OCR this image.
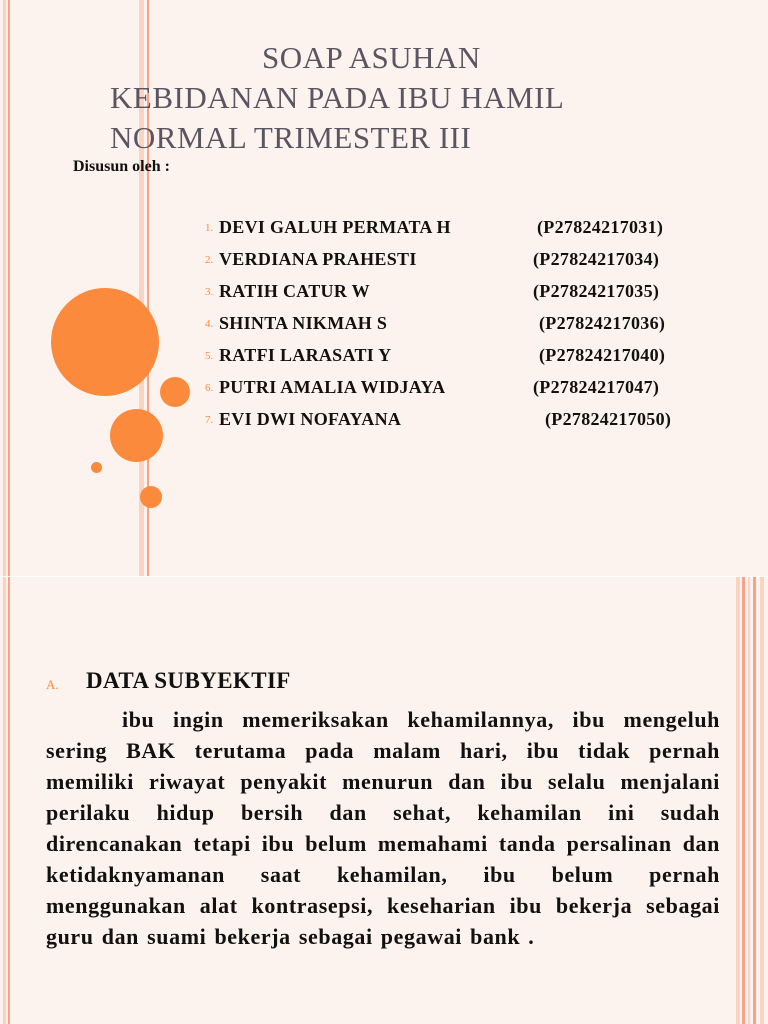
SOAP ASUHAN
KEBIDANAN PADA IBU HAMIL
NORMAL TRIMESTER III
Disusun oleh :
1. DEVI GALUH PERMATA H	(P27824217031)
2. VERDIANA PRAHESTI	(P27824217034)
3. RATIH CATUR W	(P27824217035)
4. SHINTA NIKMAH S	(P27824217036)
5. RATFI LARASATI Y	(P27824217040)
6. PUTRI AMALIA WIDJAYA	(P27824217047)
7. EVI DWI NOFAYANA	(P27824217050)
A. DATA SUBYEKTIF
ibu ingin memeriksakan kehamilannya, ibu mengeluh sering BAK terutama pada malam hari, ibu tidak pernah memiliki riwayat penyakit menurun dan ibu selalu menjalani perilaku hidup bersih dan sehat, kehamilan ini sudah direncanakan tetapi ibu belum memahami tanda persalinan dan ketidaknyamanan saat kehamilan, ibu belum pernah menggunakan alat kontrasepsi, keseharian ibu bekerja sebagai guru dan suami bekerja sebagai pegawai bank .
